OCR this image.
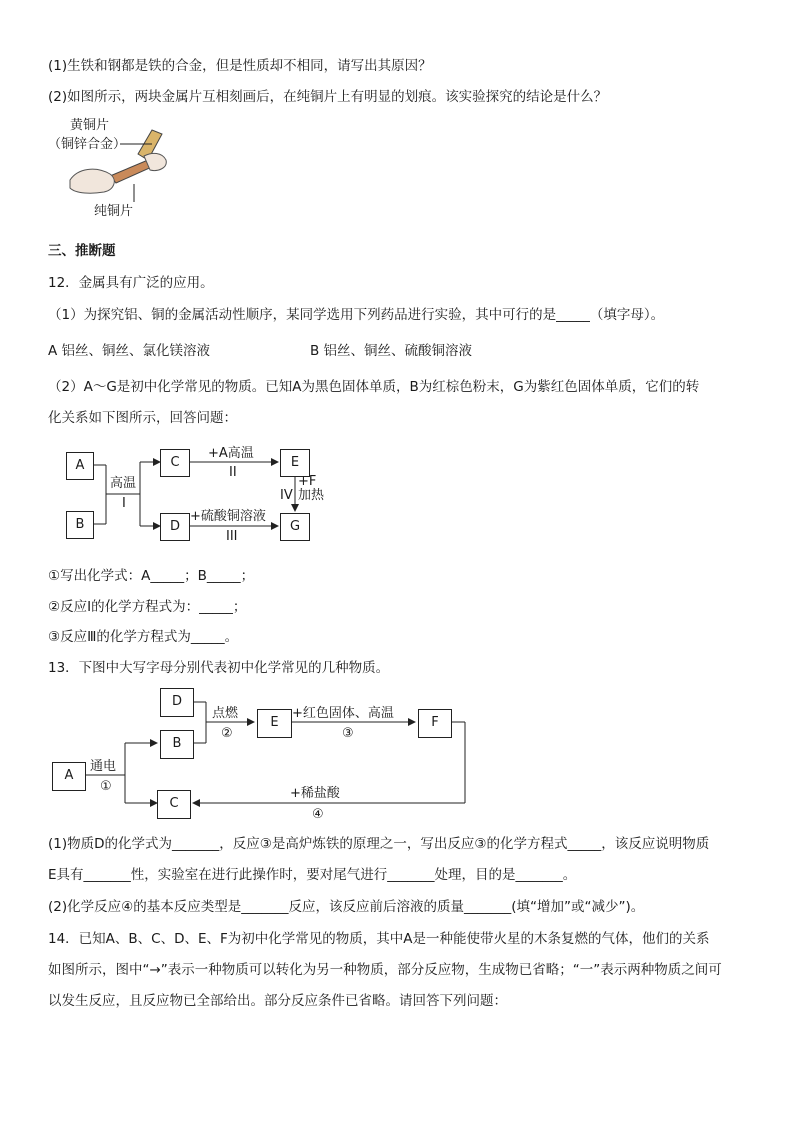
(1)生铁和钢都是铁的合金，但是性质却不相同，请写出其原因？
(2)如图所示，两块金属片互相刻画后，在纯铜片上有明显的划痕。该实验探究的结论是什么？
黄铜片
（铜锌合金）
纯铜片
三、推断题
12．金属具有广泛的应用。
（1）为探究铝、铜的金属活动性顺序，某同学选用下列药品进行实验，其中可行的是_____（填字母）。
A 铝丝、铜丝、氯化镁溶液	B 铝丝、铜丝、硫酸铜溶液
（2）A～G是初中化学常见的物质。已知A为黑色固体单质，B为红棕色粉末，G为紫红色固体单质，它们的转
化关系如下图所示，回答问题：
A
B
C
D
E
G
高温
I
+A高温
II
+硫酸铜溶液
III
+F
加热
IV
①写出化学式：A_____；B_____；
②反应Ⅰ的化学方程式为：_____；
③反应Ⅲ的化学方程式为_____。
13．下图中大写字母分别代表初中化学常见的几种物质。
D
B
E	F
A
C
通电
①
点燃
②
+红色固体、高温
③
+稀盐酸
④
(1)物质D的化学式为_______，反应③是高炉炼铁的原理之一，写出反应③的化学方程式_____，该反应说明物质
E具有_______性，实验室在进行此操作时，要对尾气进行_______处理，目的是_______。
(2)化学反应④的基本反应类型是_______反应，该反应前后溶液的质量_______(填“增加”或“减少”)。
14．已知A、B、C、D、E、F为初中化学常见的物质，其中A是一种能使带火星的木条复燃的气体，他们的关系
如图所示，图中“→”表示一种物质可以转化为另一种物质，部分反应物，生成物已省略；“一”表示两种物质之间可
以发生反应，且反应物已全部给出。部分反应条件已省略。请回答下列问题：
